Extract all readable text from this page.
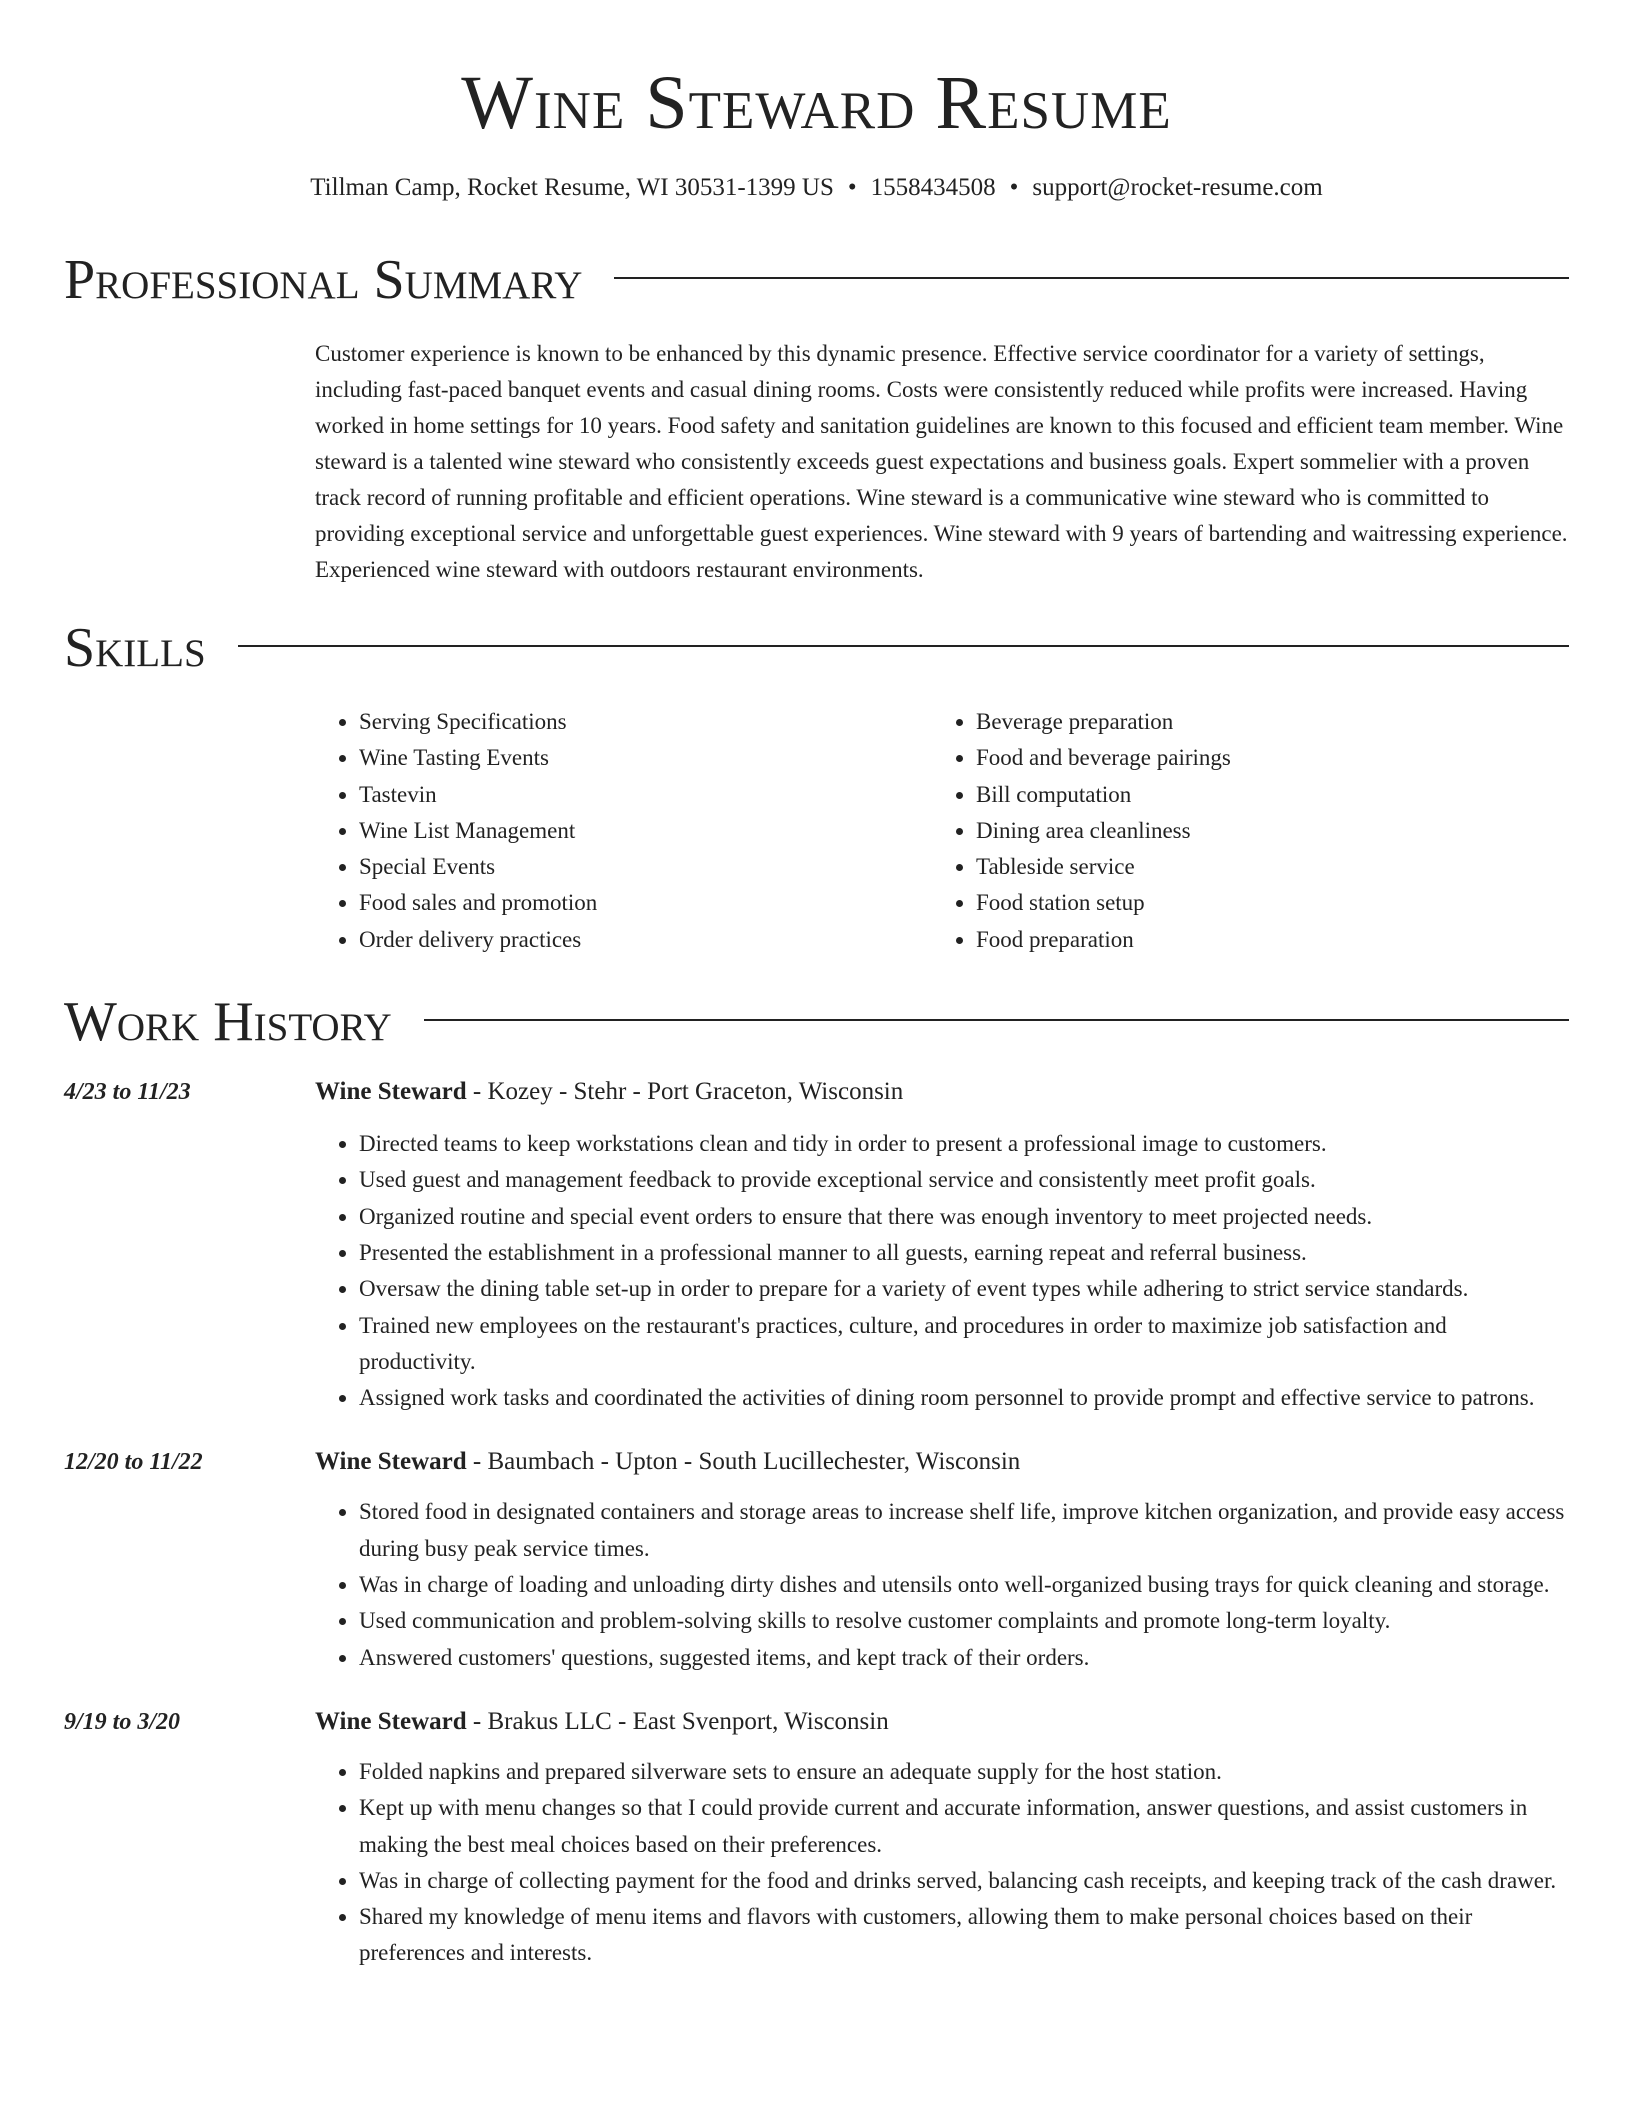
Wine Steward Resume
Tillman Camp, Rocket Resume, WI 30531-1399 US • 1558434508 • support@rocket-resume.com
Professional Summary
Customer experience is known to be enhanced by this dynamic presence. Effective service coordinator for a variety of settings, including fast-paced banquet events and casual dining rooms. Costs were consistently reduced while profits were increased. Having worked in home settings for 10 years. Food safety and sanitation guidelines are known to this focused and efficient team member. Wine steward is a talented wine steward who consistently exceeds guest expectations and business goals. Expert sommelier with a proven track record of running profitable and efficient operations. Wine steward is a communicative wine steward who is committed to providing exceptional service and unforgettable guest experiences. Wine steward with 9 years of bartending and waitressing experience. Experienced wine steward with outdoors restaurant environments.
Skills
• Serving Specifications
• Wine Tasting Events
• Tastevin
• Wine List Management
• Special Events
• Food sales and promotion
• Order delivery practices
• Beverage preparation
• Food and beverage pairings
• Bill computation
• Dining area cleanliness
• Tableside service
• Food station setup
• Food preparation
Work History
4/23 to 11/23	Wine Steward - Kozey - Stehr - Port Graceton, Wisconsin
• Directed teams to keep workstations clean and tidy in order to present a professional image to customers.
• Used guest and management feedback to provide exceptional service and consistently meet profit goals.
• Organized routine and special event orders to ensure that there was enough inventory to meet projected needs.
• Presented the establishment in a professional manner to all guests, earning repeat and referral business.
• Oversaw the dining table set-up in order to prepare for a variety of event types while adhering to strict service standards.
• Trained new employees on the restaurant's practices, culture, and procedures in order to maximize job satisfaction and productivity.
• Assigned work tasks and coordinated the activities of dining room personnel to provide prompt and effective service to patrons.
12/20 to 11/22	Wine Steward - Baumbach - Upton - South Lucillechester, Wisconsin
• Stored food in designated containers and storage areas to increase shelf life, improve kitchen organization, and provide easy access during busy peak service times.
• Was in charge of loading and unloading dirty dishes and utensils onto well-organized busing trays for quick cleaning and storage.
• Used communication and problem-solving skills to resolve customer complaints and promote long-term loyalty.
• Answered customers' questions, suggested items, and kept track of their orders.
9/19 to 3/20	Wine Steward - Brakus LLC - East Svenport, Wisconsin
• Folded napkins and prepared silverware sets to ensure an adequate supply for the host station.
• Kept up with menu changes so that I could provide current and accurate information, answer questions, and assist customers in making the best meal choices based on their preferences.
• Was in charge of collecting payment for the food and drinks served, balancing cash receipts, and keeping track of the cash drawer.
• Shared my knowledge of menu items and flavors with customers, allowing them to make personal choices based on their preferences and interests.
